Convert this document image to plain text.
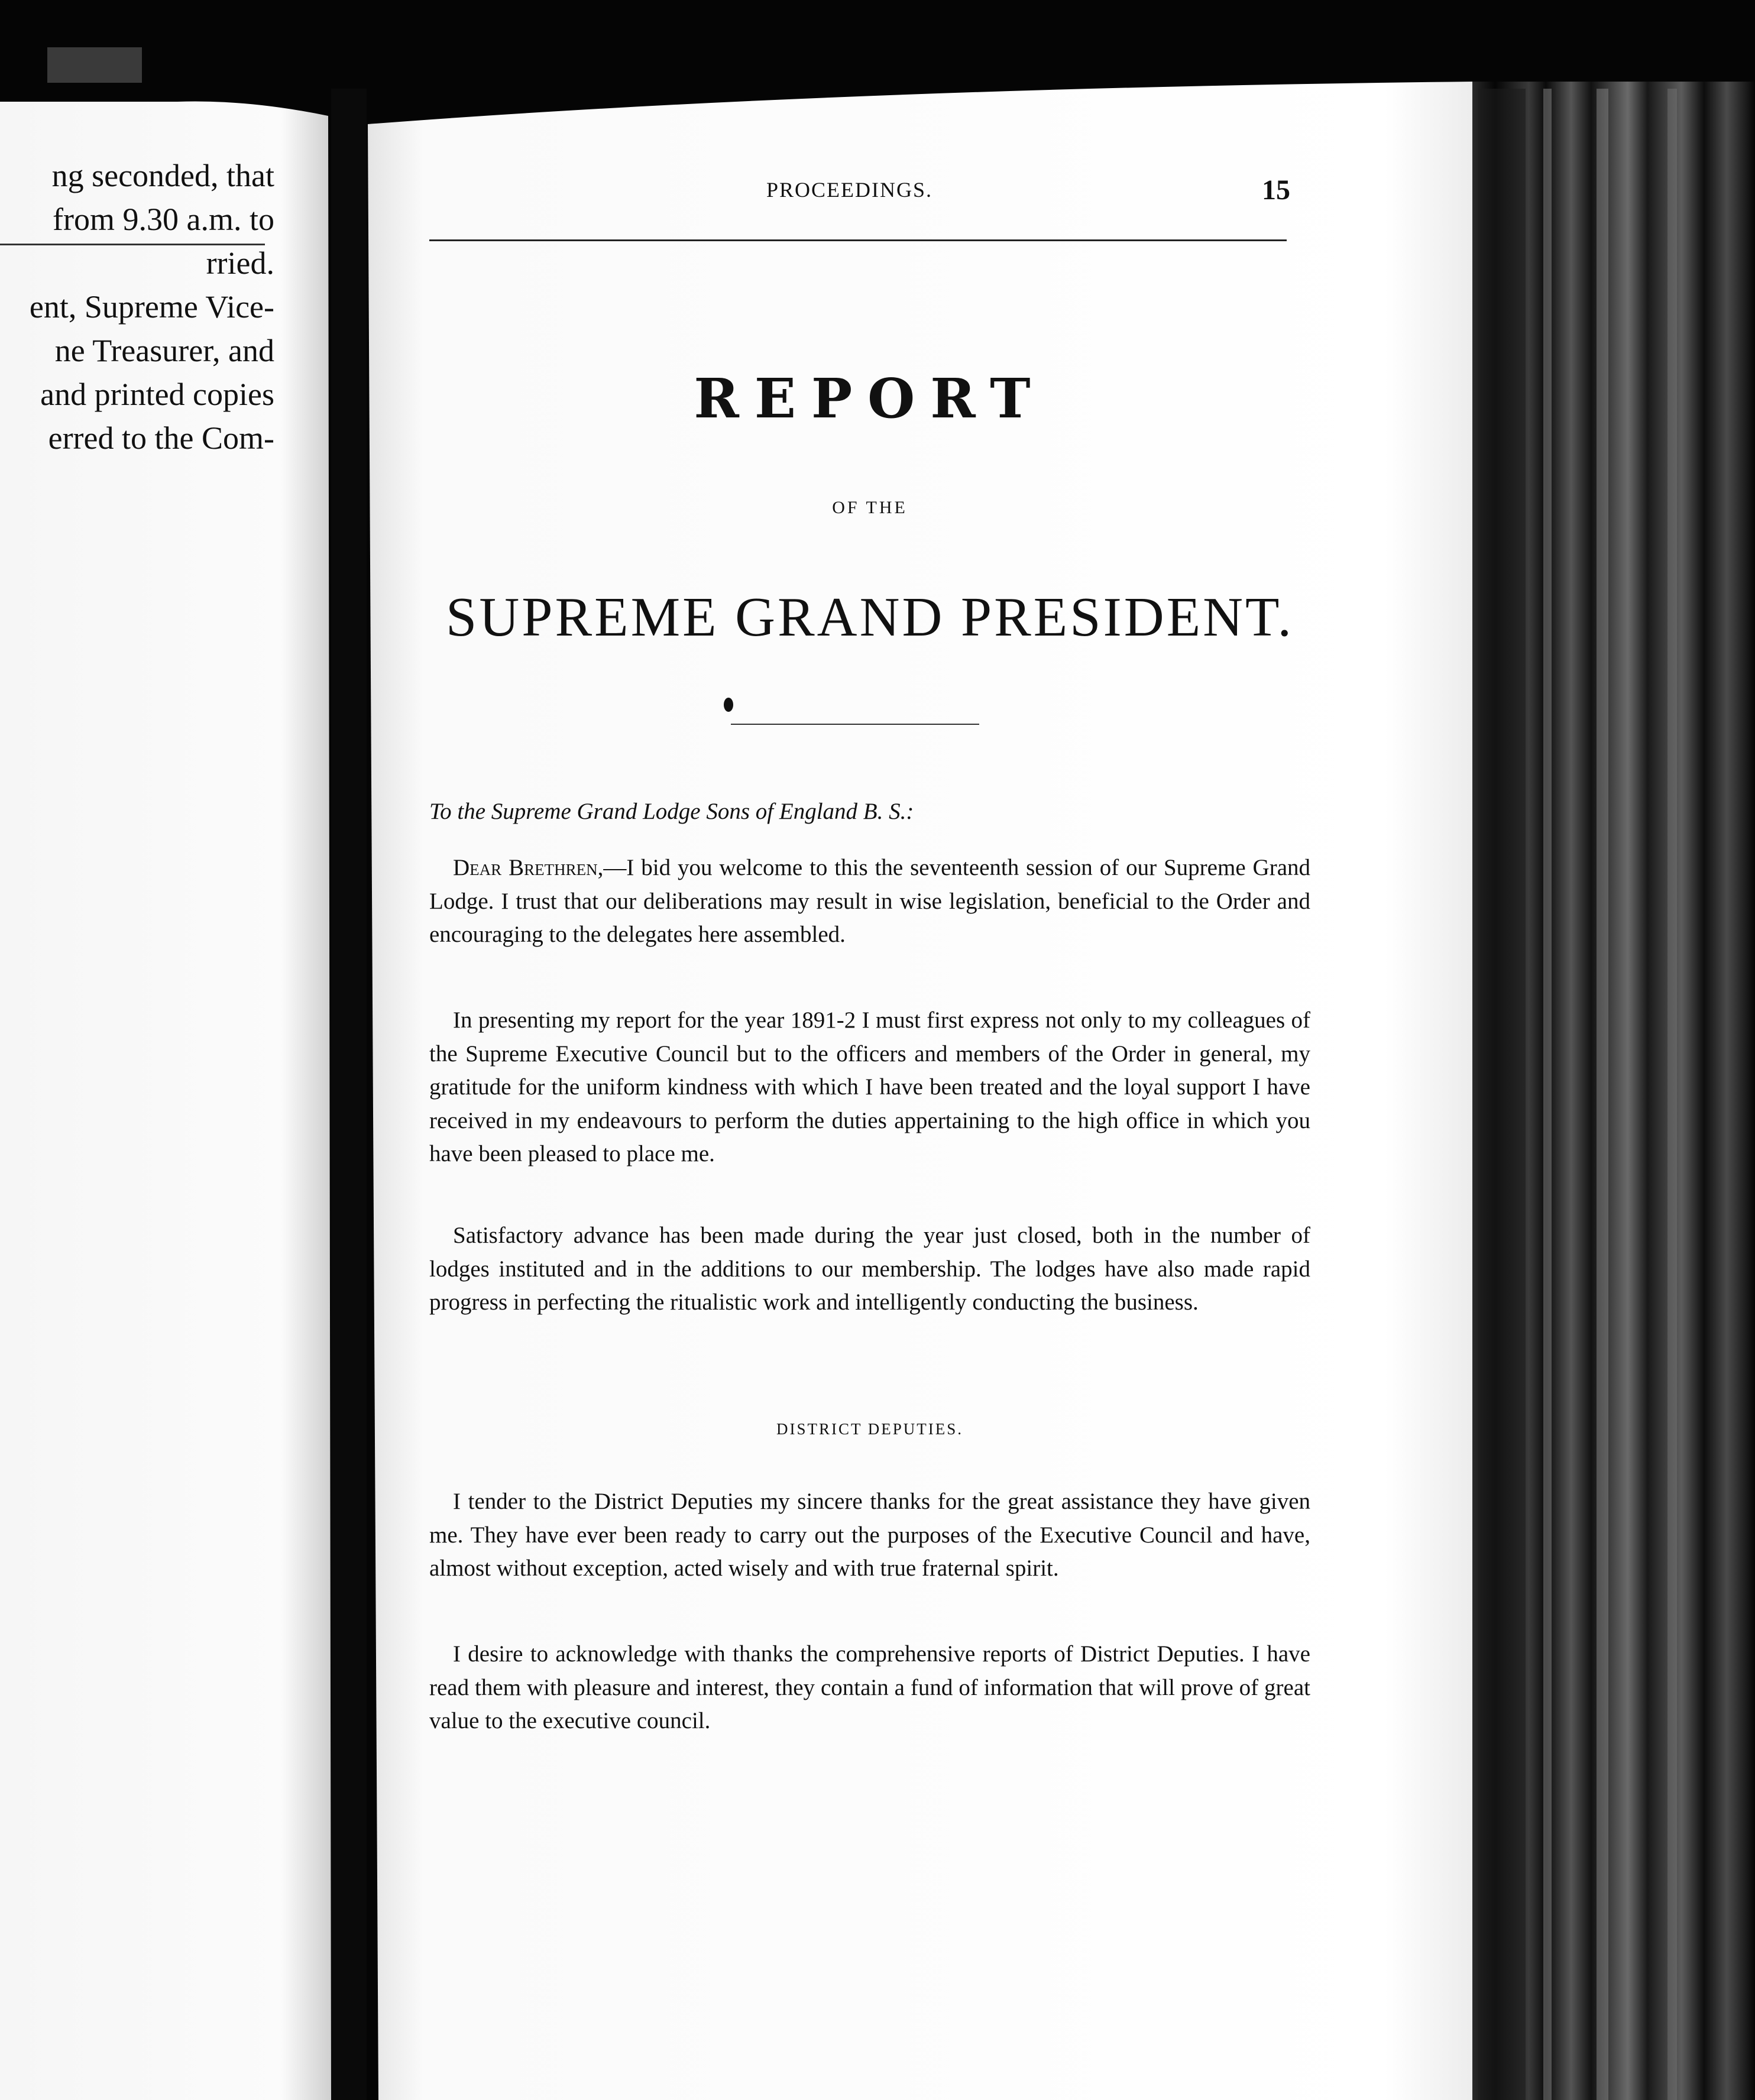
ng seconded, that
from 9.30 a.m. to
rried.
ent, Supreme Vice-
ne Treasurer, and
and printed copies
erred to the Com-
PROCEEDINGS.	15
REPORT
OF THE
SUPREME GRAND PRESIDENT.
To the Supreme Grand Lodge Sons of England B. S.:

Dear Brethren,—I bid you welcome to this the seventeenth session of our Supreme Grand Lodge. I trust that our deliberations may result in wise legislation, beneficial to the Order and encouraging to the delegates here assembled.

In presenting my report for the year 1891-2 I must first express not only to my colleagues of the Supreme Executive Council but to the officers and members of the Order in general, my gratitude for the uniform kindness with which I have been treated and the loyal support I have received in my endeavours to perform the duties appertaining to the high office in which you have been pleased to place me.

Satisfactory advance has been made during the year just closed, both in the number of lodges instituted and in the additions to our membership. The lodges have also made rapid progress in perfecting the ritualistic work and intelligently conducting the business.

DISTRICT DEPUTIES.

I tender to the District Deputies my sincere thanks for the great assistance they have given me. They have ever been ready to carry out the purposes of the Executive Council and have, almost without exception, acted wisely and with true fraternal spirit.

I desire to acknowledge with thanks the comprehensive reports of District Deputies. I have read them with pleasure and interest, they contain a fund of information that will prove of great value to the executive council.
